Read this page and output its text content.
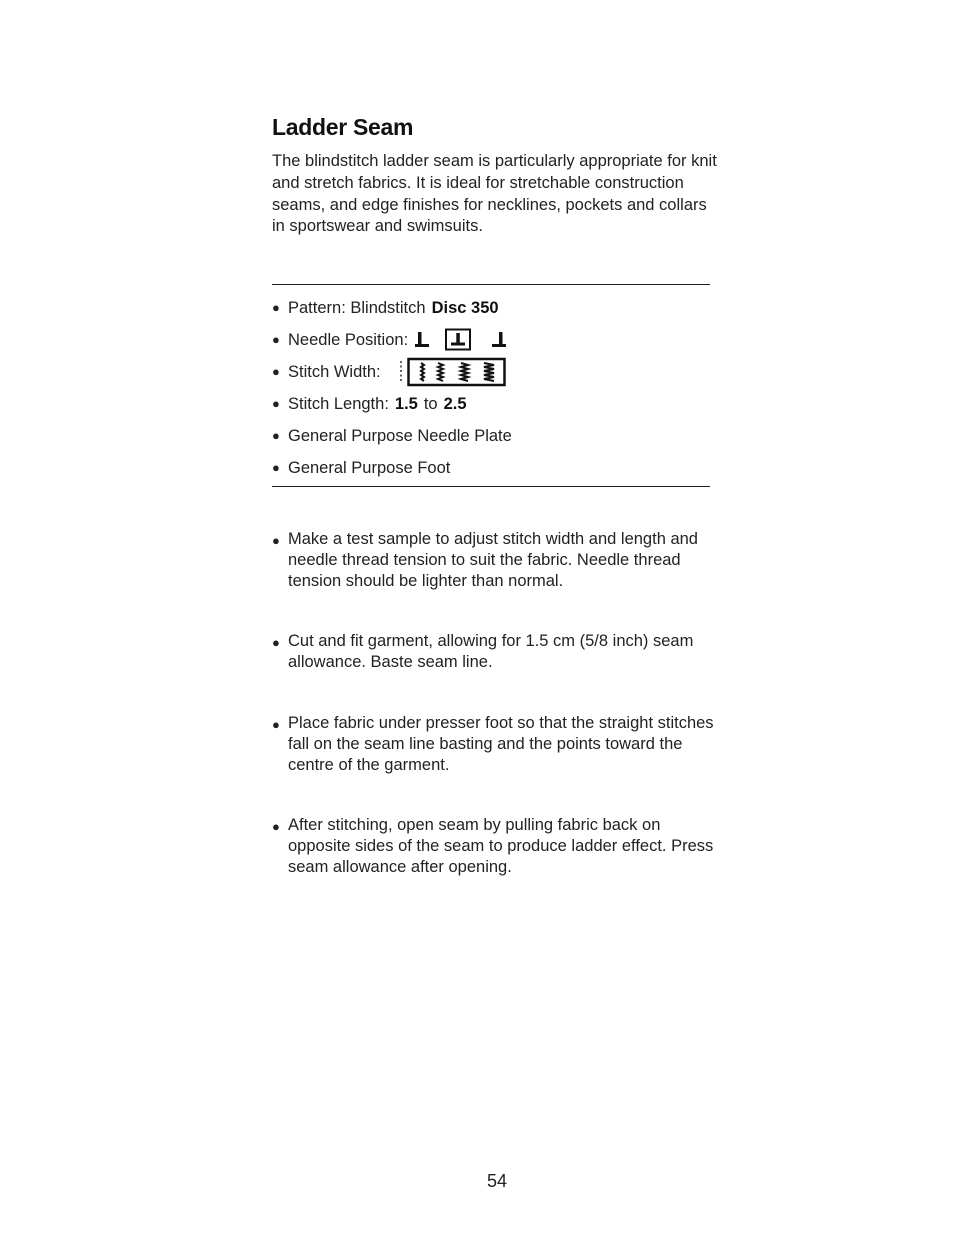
Ladder Seam

The blindstitch ladder seam is particularly appropriate for knit and stretch fabrics. It is ideal for stretchable construction seams, and edge finishes for necklines, pockets and collars in sportswear and swimsuits.

● Pattern: Blindstitch Disc 350
● Needle Position:
● Stitch Width:
● Stitch Length: 1.5 to 2.5
● General Purpose Needle Plate
● General Purpose Foot
● Make a test sample to adjust stitch width and length and needle thread tension to suit the fabric. Needle thread tension should be lighter than normal.
● Cut and fit garment, allowing for 1.5 cm (5/8 inch) seam allowance. Baste seam line.
● Place fabric under presser foot so that the straight stitches fall on the seam line basting and the points toward the centre of the garment.
● After stitching, open seam by pulling fabric back on opposite sides of the seam to produce ladder effect. Press seam allowance after opening.
54
